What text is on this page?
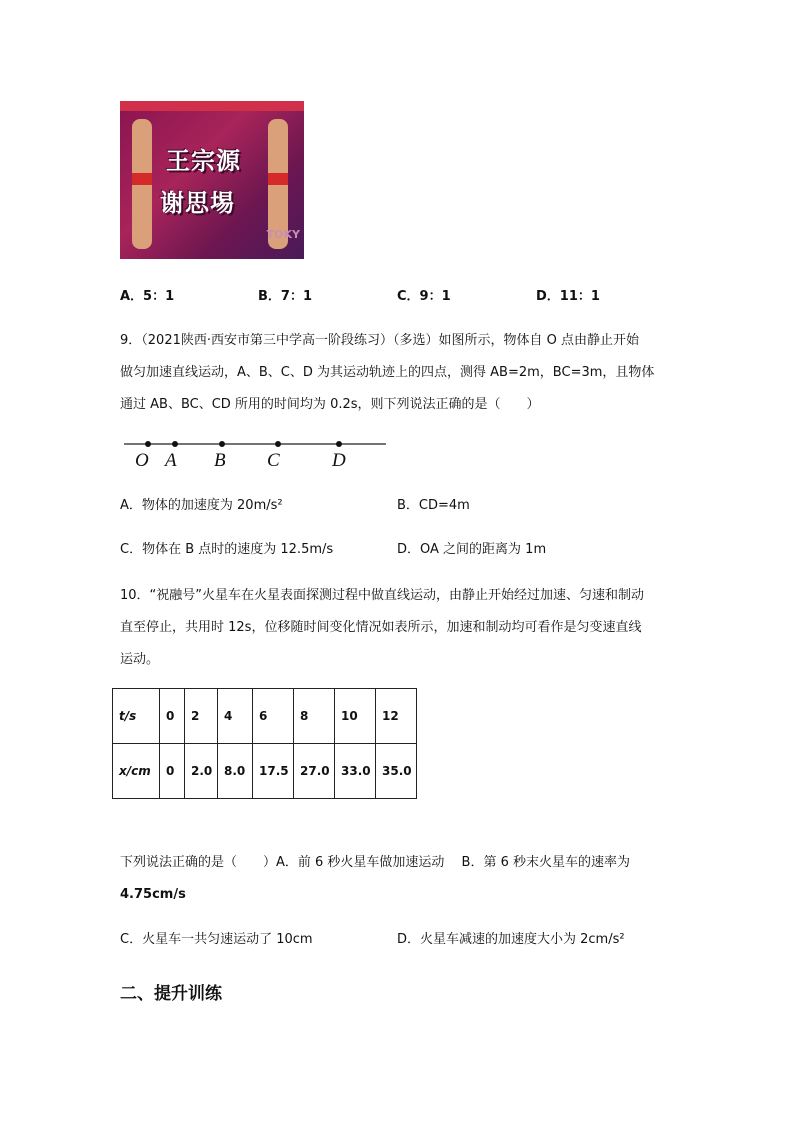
王宗源
谢思埸
TOKY
A．5：1	B．7：1	C．9：1	D．11：1
9．（2021陕西·西安市第三中学高一阶段练习）（多选）如图所示，物体自 O 点由静止开始
做匀加速直线运动，A、B、C、D 为其运动轨迹上的四点，测得 AB=2m，BC=3m，且物体
通过 AB、BC、CD 所用的时间均为 0.2s，则下列说法正确的是（　　）
O A B C	D
A．物体的加速度为 20m/s²	B．CD=4m
C．物体在 B 点时的速度为 12.5m/s	D．OA 之间的距离为 1m
10．“祝融号”火星车在火星表面探测过程中做直线运动，由静止开始经过加速、匀速和制动
直至停止，共用时 12s，位移随时间变化情况如表所示，加速和制动均可看作是匀变速直线
运动。
t/s	0	2	4	6	8	10	12
x/cm	0	2.0	8.0	17.5	27.0	33.0	35.0
下列说法正确的是（　　）A．前 6 秒火星车做加速运动　 B．第 6 秒末火星车的速率为
4.75cm/s
C．火星车一共匀速运动了 10cm	D．火星车减速的加速度大小为 2cm/s²
二、提升训练
